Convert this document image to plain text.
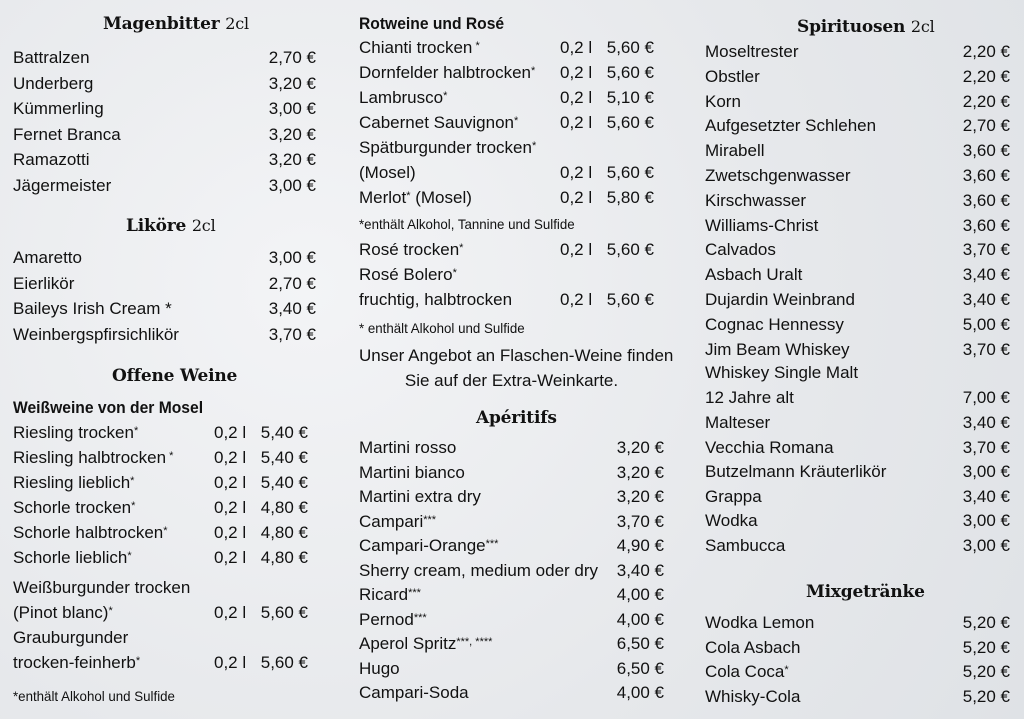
Magenbitter 2cl
Battralzen	2,70 €
Underberg	3,20 €
Kümmerling	3,00 €
Fernet Branca	3,20 €
Ramazotti	3,20 €
Jägermeister	3,00 €
Liköre 2cl
Amaretto	3,00 €
Eierlikör	2,70 €
Baileys Irish Cream *	3,40 €
Weinbergspfirsichlikör	3,70 €
Offene Weine
Weißweine von der Mosel
Riesling trocken*	0,2 l 5,40 €
Riesling halbtrocken * 0,2 l 5,40 €
Riesling lieblich*	0,2 l 5,40 €
Schorle trocken*	0,2 l 4,80 €
Schorle halbtrocken*	0,2 l 4,80 €
Schorle lieblich*	0,2 l 4,80 €
Weißburgunder trocken
(Pinot blanc)*	0,2 l 5,60 €
Grauburgunder
trocken-feinherb*	0,2 l 5,60 €
*enthält Alkohol und Sulfide
Rotweine und Rosé
Chianti trocken *	0,2 l 5,60 €
Dornfelder halbtrocken* 0,2 l 5,60 €
Lambrusco*	0,2 l 5,10 €
Cabernet Sauvignon* 0,2 l 5,60 €
Spätburgunder trocken*
(Mosel)	0,2 l 5,60 €
Merlot* (Mosel)	0,2 l 5,80 €
*enthält Alkohol, Tannine und Sulfide
Rosé trocken*	0,2 l 5,60 €
Rosé Bolero*
fruchtig, halbtrocken	0,2 l 5,60 €
* enthält Alkohol und Sulfide
Unser Angebot an Flaschen-Weine finden
Sie auf der Extra-Weinkarte.
Apéritifs
Martini rosso	3,20 €
Martini bianco	3,20 €
Martini extra dry	3,20 €
Campari***	3,70 €
Campari-Orange***	4,90 €
Sherry cream, medium oder dry	3,40 €
Ricard***	4,00 €
Pernod***	4,00 €
Aperol Spritz***, ****	6,50 €
Hugo	6,50 €
Campari-Soda	4,00 €
Spirituosen 2cl
Moseltrester	2,20 €
Obstler	2,20 €
Korn	2,20 €
Aufgesetzter Schlehen	2,70 €
Mirabell	3,60 €
Zwetschgenwasser	3,60 €
Kirschwasser	3,60 €
Williams-Christ	3,60 €
Calvados	3,70 €
Asbach Uralt	3,40 €
Dujardin Weinbrand	3,40 €
Cognac Hennessy	5,00 €
Jim Beam Whiskey	3,70 €
Whiskey Single Malt
12 Jahre alt	7,00 €
Malteser	3,40 €
Vecchia Romana	3,70 €
Butzelmann Kräuterlikör	3,00 €
Grappa	3,40 €
Wodka	3,00 €
Sambucca	3,00 €
Mixgetränke
Wodka Lemon	5,20 €
Cola Asbach	5,20 €
Cola Coca*	5,20 €
Whisky-Cola	5,20 €
